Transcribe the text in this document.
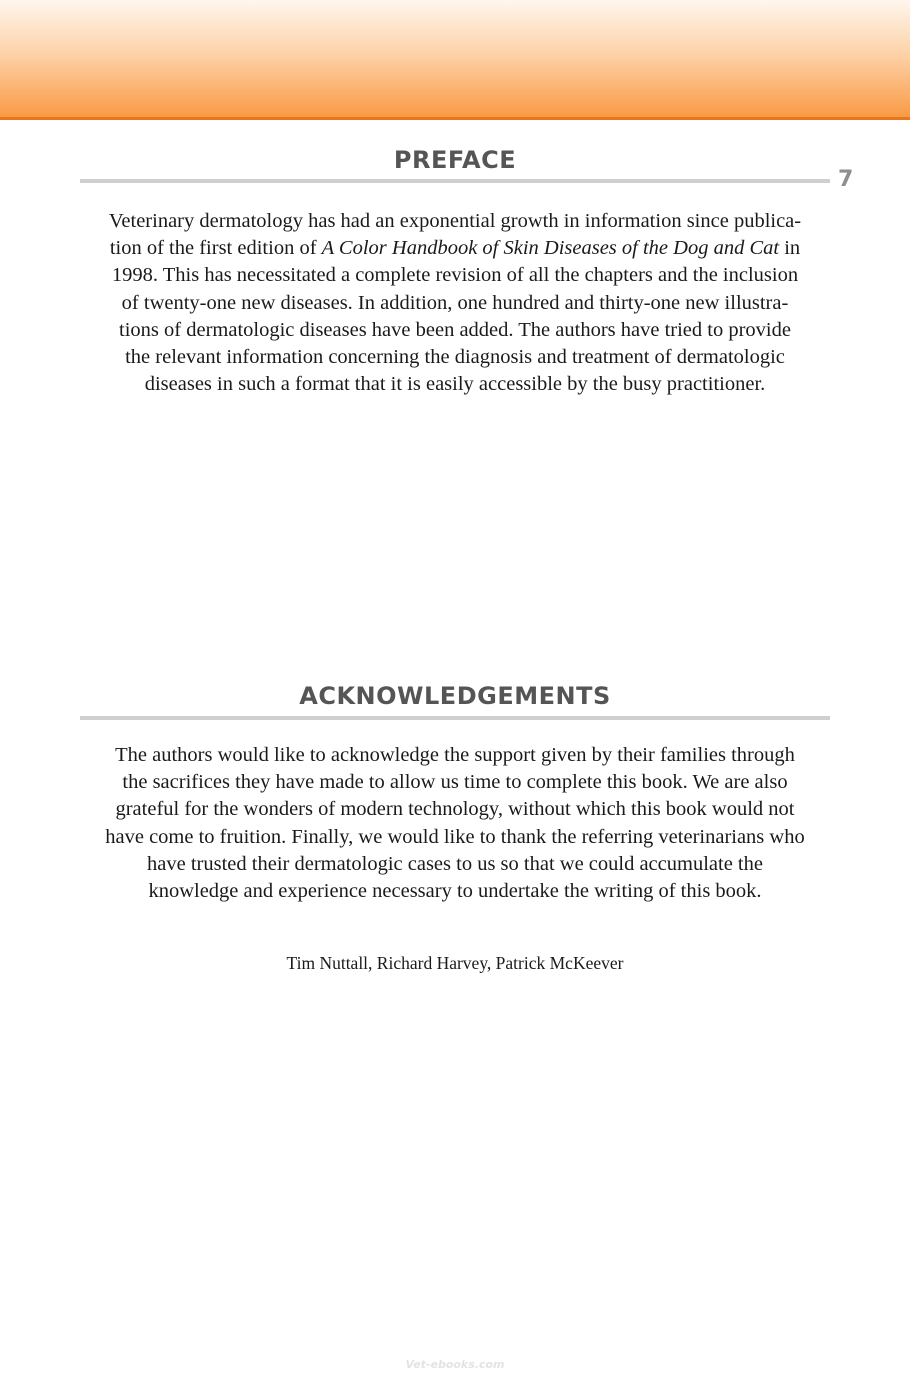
7
PREFACE

Veterinary dermatology has had an exponential growth in information since publica-
tion of the first edition of A Color Handbook of Skin Diseases of the Dog and Cat in
1998. This has necessitated a complete revision of all the chapters and the inclusion
of twenty-one new diseases. In addition, one hundred and thirty-one new illustra-
tions of dermatologic diseases have been added. The authors have tried to provide
the relevant information concerning the diagnosis and treatment of dermatologic
diseases in such a format that it is easily accessible by the busy practitioner.

ACKNOWLEDGEMENTS

The authors would like to acknowledge the support given by their families through
the sacrifices they have made to allow us time to complete this book. We are also
grateful for the wonders of modern technology, without which this book would not
have come to fruition. Finally, we would like to thank the referring veterinarians who
have trusted their dermatologic cases to us so that we could accumulate the
knowledge and experience necessary to undertake the writing of this book.

Tim Nuttall, Richard Harvey, Patrick McKeever
Vet-ebooks.com
